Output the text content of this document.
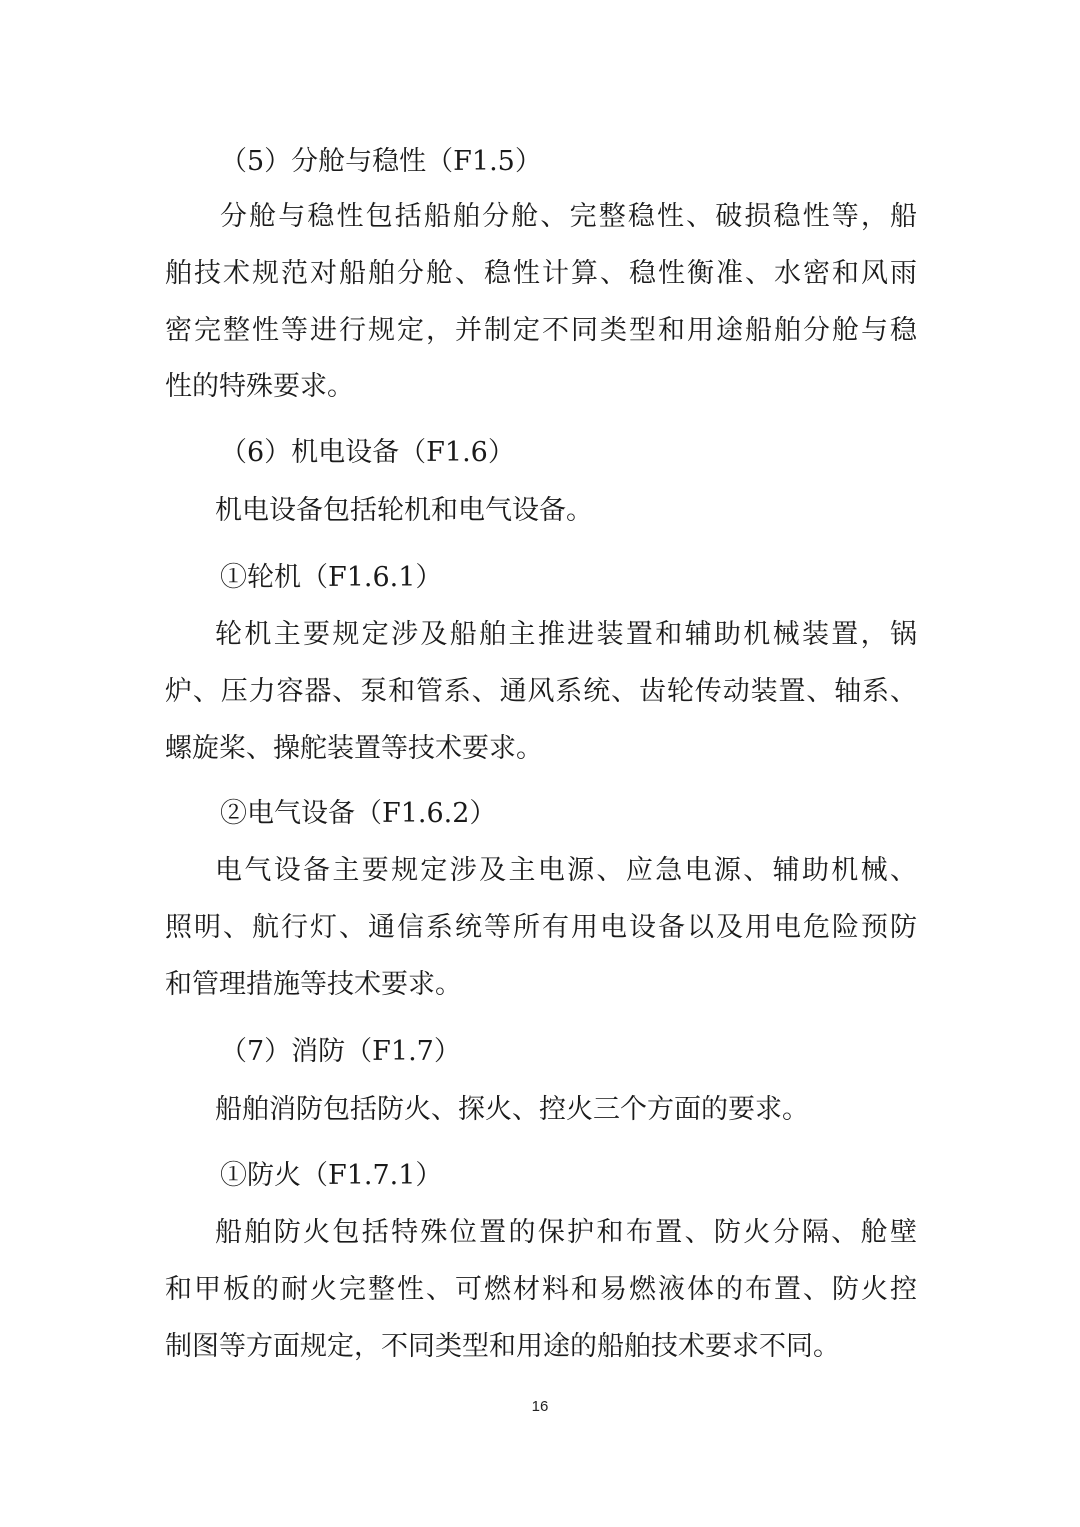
（5）分舱与稳性（F1.5）
分舱与稳性包括船舶分舱、完整稳性、破损稳性等，船
舶技术规范对船舶分舱、稳性计算、稳性衡准、水密和风雨
密完整性等进行规定，并制定不同类型和用途船舶分舱与稳
性的特殊要求。
（6）机电设备（F1.6）
机电设备包括轮机和电气设备。
①轮机（F1.6.1）
轮机主要规定涉及船舶主推进装置和辅助机械装置，锅
炉、压力容器、泵和管系、通风系统、齿轮传动装置、轴系、
螺旋桨、操舵装置等技术要求。
②电气设备（F1.6.2）
电气设备主要规定涉及主电源、应急电源、辅助机械、
照明、航行灯、通信系统等所有用电设备以及用电危险预防
和管理措施等技术要求。
（7）消防（F1.7）
船舶消防包括防火、探火、控火三个方面的要求。
①防火（F1.7.1）
船舶防火包括特殊位置的保护和布置、防火分隔、舱壁
和甲板的耐火完整性、可燃材料和易燃液体的布置、防火控
制图等方面规定，不同类型和用途的船舶技术要求不同。
16
